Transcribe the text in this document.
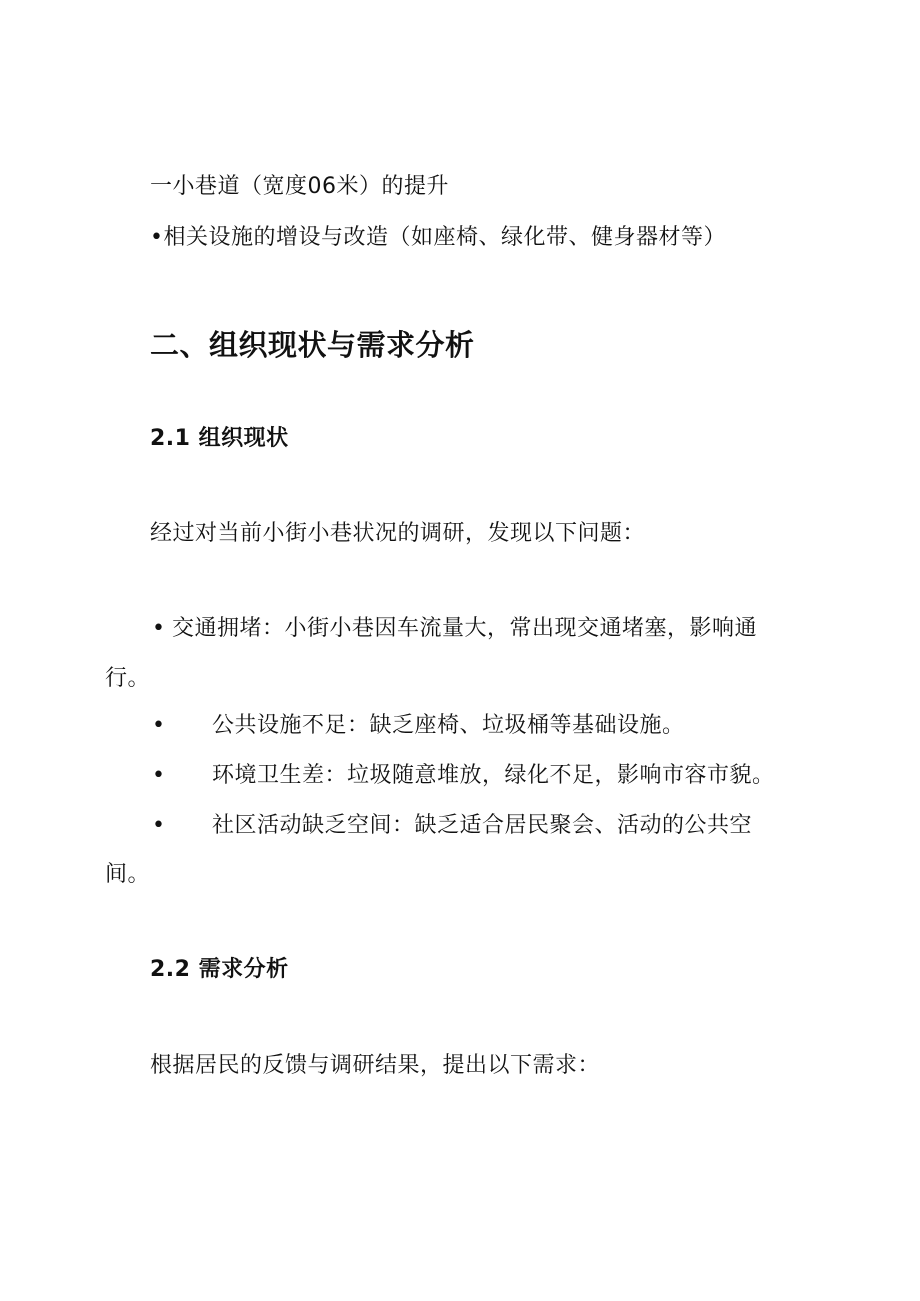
一小巷道（宽度06米）的提升
•相关设施的增设与改造（如座椅、绿化带、健身器材等）
二、组织现状与需求分析
2.1 组织现状
经过对当前小街小巷状况的调研，发现以下问题：
• 交通拥堵：小街小巷因车流量大，常出现交通堵塞，影响通
行。
• 公共设施不足：缺乏座椅、垃圾桶等基础设施。
• 环境卫生差：垃圾随意堆放，绿化不足，影响市容市貌。
• 社区活动缺乏空间：缺乏适合居民聚会、活动的公共空
间。
2.2 需求分析
根据居民的反馈与调研结果，提出以下需求：
